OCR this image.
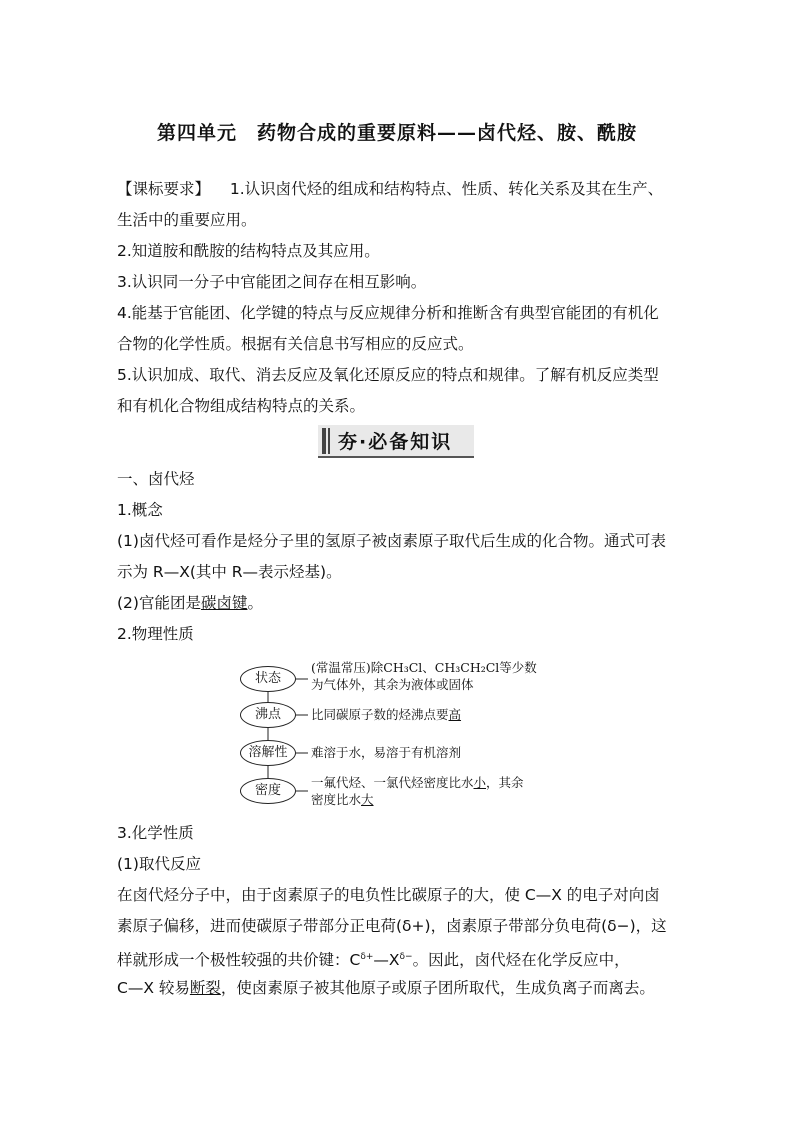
第四单元　药物合成的重要原料——卤代烃、胺、酰胺
【课标要求】 1.认识卤代烃的组成和结构特点、性质、转化关系及其在生产、
生活中的重要应用。
2.知道胺和酰胺的结构特点及其应用。
3.认识同一分子中官能团之间存在相互影响。
4.能基于官能团、化学键的特点与反应规律分析和推断含有典型官能团的有机化
合物的化学性质。根据有关信息书写相应的反应式。
5.认识加成、取代、消去反应及氧化还原反应的特点和规律。了解有机反应类型
和有机化合物组成结构特点的关系。
夯·必备知识
一、卤代烃
1.概念
(1)卤代烃可看作是烃分子里的氢原子被卤素原子取代后生成的化合物。通式可表
示为 R—X(其中 R—表示烃基)。
(2)官能团是碳卤键。
2.物理性质
状态
(常温常压)除CH₃Cl、CH₃CH₂Cl等少数
为气体外，其余为液体或固体
沸点	比同碳原子数的烃沸点要高
溶解性	难溶于水，易溶于有机溶剂
密度
一氟代烃、一氯代烃密度比水小，其余
密度比水大
3.化学性质
(1)取代反应
在卤代烃分子中，由于卤素原子的电负性比碳原子的大，使 C—X 的电子对向卤
素原子偏移，进而使碳原子带部分正电荷(δ+)，卤素原子带部分负电荷(δ−)，这
样就形成一个极性较强的共价键：$C^{\delta+}—X^{\delta-}$。因此，卤代烃在化学反应中，
C—X 较易断裂，使卤素原子被其他原子或原子团所取代，生成负离子而离去。
